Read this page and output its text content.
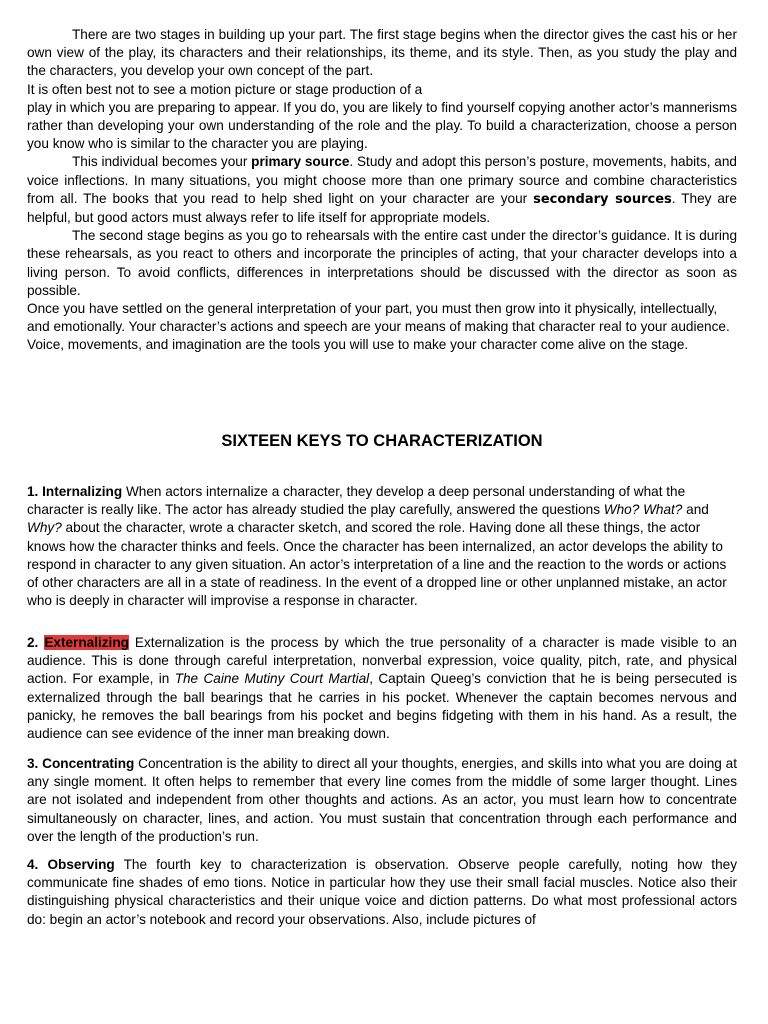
There are two stages in building up your part. The first stage begins when the director gives the cast his or her own view of the play, its characters and their relationships, its theme, and its style. Then, as you study the play and the characters, you develop your own concept of the part.

It is often best not to see a motion picture or stage production of a

play in which you are preparing to appear. If you do, you are likely to find yourself copying another actor’s mannerisms rather than developing your own understanding of the role and the play. To build a characterization, choose a person you know who is similar to the character you are playing.

This individual becomes your primary source. Study and adopt this person’s posture, movements, habits, and voice inflections. In many situations, you might choose more than one primary source and combine characteristics from all. The books that you read to help shed light on your character are your secondary sources. They are helpful, but good actors must always refer to life itself for appropriate models.

The second stage begins as you go to rehearsals with the entire cast under the director’s guidance. It is during these rehearsals, as you react to others and incorporate the principles of acting, that your character develops into a living person. To avoid conflicts, differences in interpretations should be discussed with the director as soon as possible.

Once you have settled on the general interpretation of your part, you must then grow into it physically, intellectually, and emotionally. Your character’s actions and speech are your means of making that character real to your audience. Voice, movements, and imagination are the tools you will use to make your character come alive on the stage.

SIXTEEN KEYS TO CHARACTERIZATION

1. Internalizing When actors internalize a character, they develop a deep personal understanding of what the character is really like. The actor has already studied the play carefully, answered the questions Who? What? and Why? about the character, wrote a character sketch, and scored the role. Having done all these things, the actor knows how the character thinks and feels. Once the character has been internalized, an actor develops the ability to respond in character to any given situation. An actor’s interpretation of a line and the reaction to the words or actions of other characters are all in a state of readiness. In the event of a dropped line or other unplanned mistake, an actor who is deeply in character will improvise a response in character.

2. Externalizing Externalization is the process by which the true personality of a character is made visible to an audience. This is done through careful interpretation, nonverbal expression, voice quality, pitch, rate, and physical action. For example, in The Caine Mutiny Court Martial, Captain Queeg’s conviction that he is being persecuted is externalized through the ball bearings that he carries in his pocket. Whenever the captain becomes nervous and panicky, he removes the ball bearings from his pocket and begins fidgeting with them in his hand. As a result, the audience can see evidence of the inner man breaking down.

3. Concentrating Concentration is the ability to direct all your thoughts, energies, and skills into what you are doing at any single moment. It often helps to remember that every line comes from the middle of some larger thought. Lines are not isolated and independent from other thoughts and actions. As an actor, you must learn how to concentrate simultaneously on character, lines, and action. You must sustain that concentration through each performance and over the length of the production’s run.

4. Observing The fourth key to characterization is observation. Observe people carefully, noting how they communicate fine shades of emo tions. Notice in particular how they use their small facial muscles. Notice also their distinguishing physical characteristics and their unique voice and diction patterns. Do what most professional actors do: begin an actor’s notebook and record your observations. Also, include pictures of
